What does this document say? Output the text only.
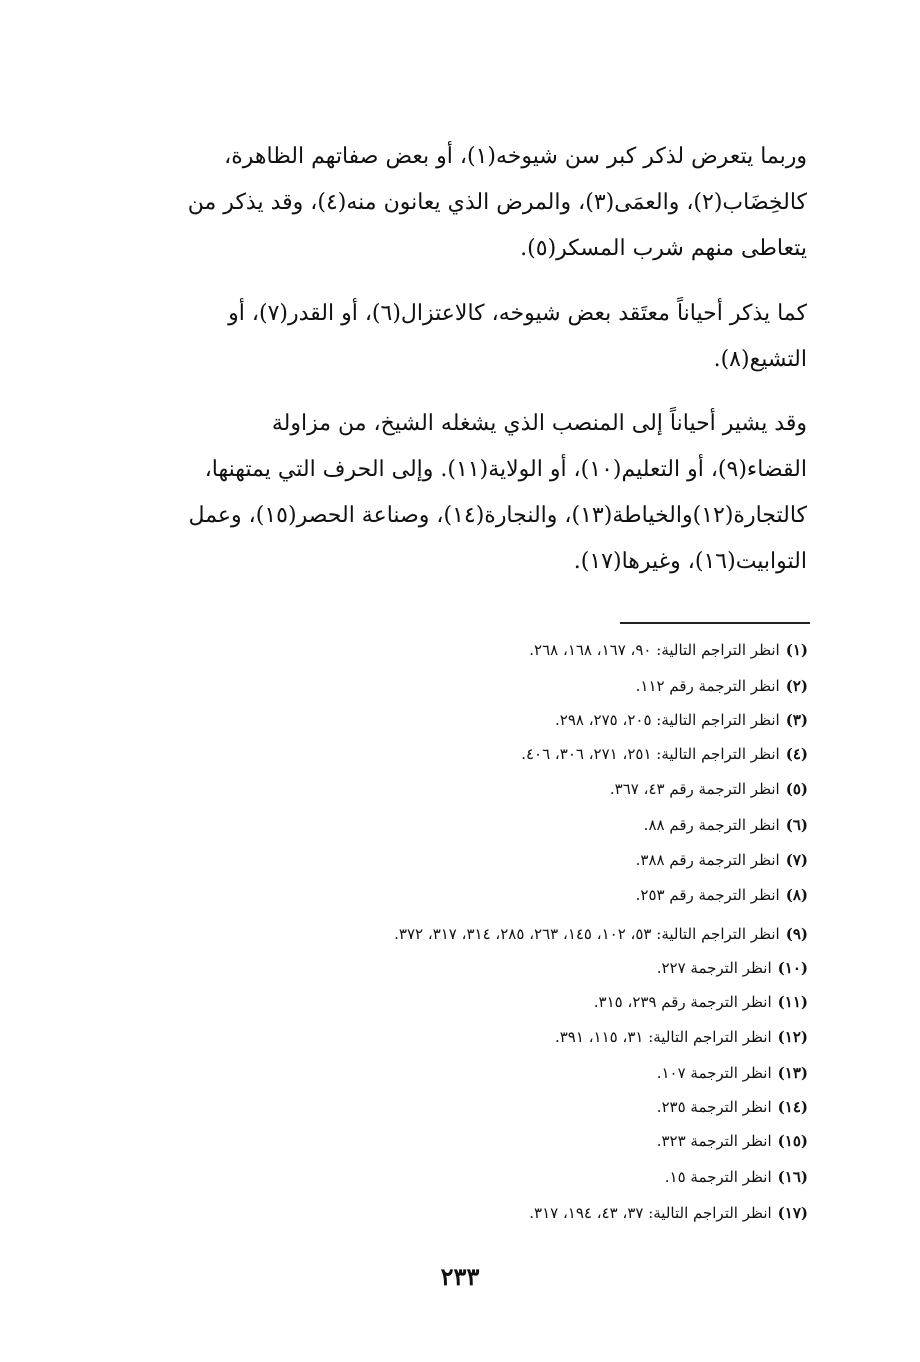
وربما يتعرض لذكر كبر سن شيوخه(١)، أو بعض صفاتهم الظاهرة،
كالخِضَاب(٢)، والعمَى(٣)، والمرض الذي يعانون منه(٤)، وقد يذكر من
يتعاطى منهم شرب المسكر(٥).
كما يذكر أحياناً معتَقد بعض شيوخه، كالاعتزال(٦)، أو القدر(٧)، أو
التشيع(٨).
وقد يشير أحياناً إلى المنصب الذي يشغله الشيخ، من مزاولة
القضاء(٩)، أو التعليم(١٠)، أو الولاية(١١). وإلى الحرف التي يمتهنها،
كالتجارة(١٢)والخياطة(١٣)، والنجارة(١٤)، وصناعة الحصر(١٥)، وعمل
التوابيت(١٦)، وغيرها(١٧).
(١)انظر التراجم التالية: ٩٠، ١٦٧، ١٦٨، ٢٦٨.
(٢)انظر الترجمة رقم ١١٢.
(٣)انظر التراجم التالية: ٢٠٥، ٢٧٥، ٢٩٨.
(٤)انظر التراجم التالية: ٢٥١، ٢٧١، ٣٠٦، ٤٠٦.
(٥)انظر الترجمة رقم ٤٣، ٣٦٧.
(٦)انظر الترجمة رقم ٨٨.
(٧)انظر الترجمة رقم ٣٨٨.
(٨)انظر الترجمة رقم ٢٥٣.
(٩)انظر التراجم التالية: ٥٣، ١٠٢، ١٤٥، ٢٦٣، ٢٨٥، ٣١٤، ٣١٧، ٣٧٢.
(١٠)انظر الترجمة ٢٢٧.
(١١)انظر الترجمة رقم ٢٣٩، ٣١٥.
(١٢)انظر التراجم التالية: ٣١، ١١٥، ٣٩١.
(١٣)انظر الترجمة ١٠٧.
(١٤)انظر الترجمة ٢٣٥.
(١٥)انظر الترجمة ٣٢٣.
(١٦)انظر الترجمة ١٥.
(١٧)انظر التراجم التالية: ٣٧، ٤٣، ١٩٤، ٣١٧.
٢٣٣
